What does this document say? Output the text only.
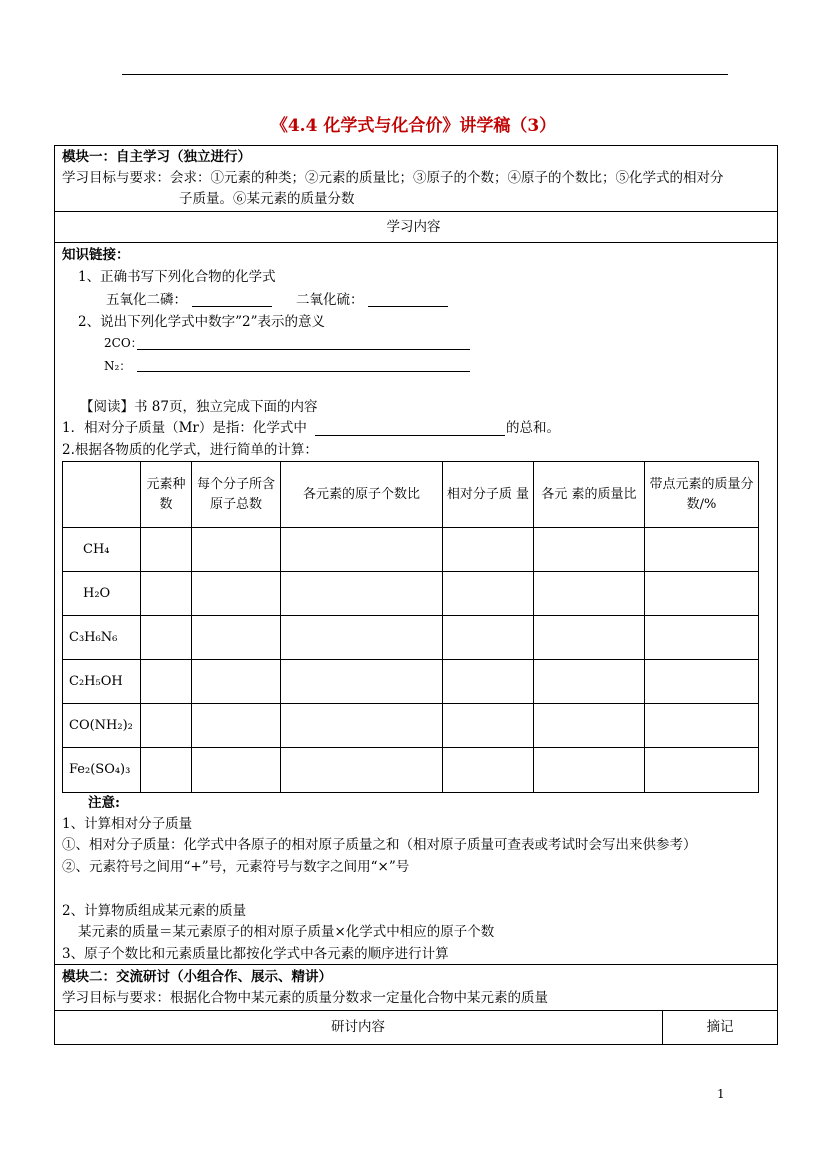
《4.4 化学式与化合价》讲学稿（3）
模块一：自主学习（独立进行）
学习目标与要求：会求：①元素的种类；②元素的质量比；③原子的个数；④原子的个数比；⑤化学式的相对分
子质量。⑥某元素的质量分数
学习内容
知识链接：
1、正确书写下列化合物的化学式
五氧化二磷：	二氧化硫：
2、说出下列化学式中数字”2”表示的意义
2CO：
N₂：
【阅读】书 87页，独立完成下面的内容
1．相对分子质量（Mr）是指：化学式中	的总和。
2.根据各物质的化学式，进行简单的计算：
	元素种数	每个分子所含原子总数	各元素的原子个数比	相对分子质 量	各元 素的质量比	带点元素的质量分数/%
CH₄						
H₂O						
C₃H₆N₆						
C₂H₅OH						
CO(NH₂)₂						
Fe₂(SO₄)₃						
注意:
1、计算相对分子质量
①、相对分子质量：化学式中各原子的相对原子质量之和（相对原子质量可查表或考试时会写出来供参考）
②、元素符号之间用“+”号，元素符号与数字之间用“×”号
2、计算物质组成某元素的质量
某元素的质量＝某元素原子的相对原子质量×化学式中相应的原子个数
3、原子个数比和元素质量比都按化学式中各元素的顺序进行计算
模块二：交流研讨（小组合作、展示、精讲）
学习目标与要求：根据化合物中某元素的质量分数求一定量化合物中某元素的质量
研讨内容	摘记
1
